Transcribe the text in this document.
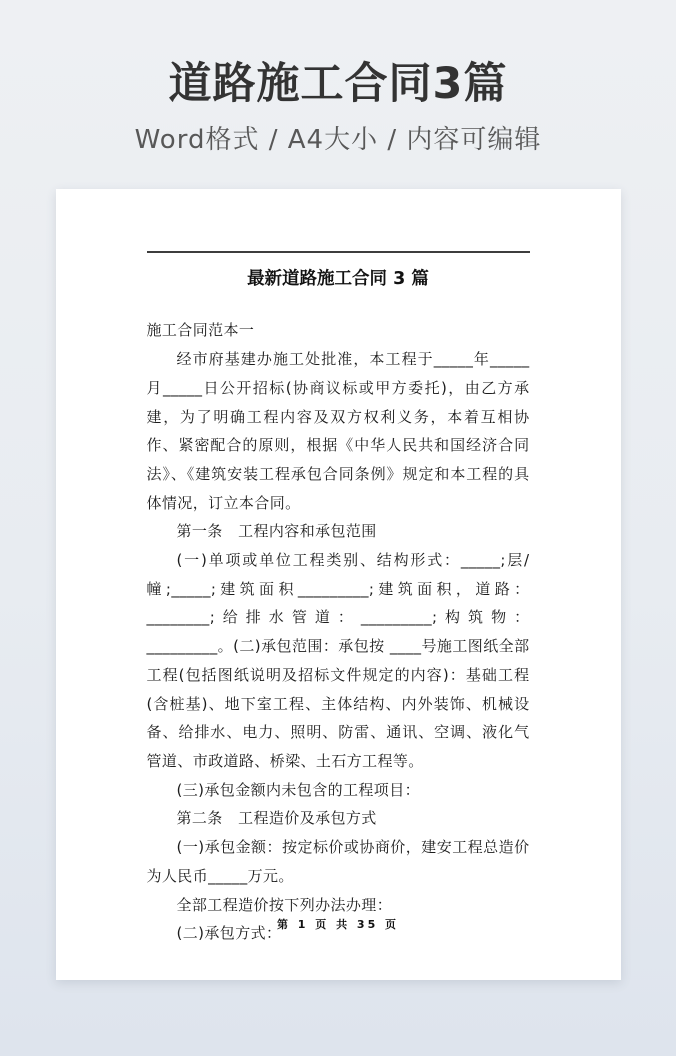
道路施工合同3篇
Word格式 / A4大小 / 内容可编辑
最新道路施工合同 3 篇

施工合同范本一

经市府基建办施工处批准，本工程于_____年_____月_____日公开招标(协商议标或甲方委托)，由乙方承建，为了明确工程内容及双方权利义务，本着互相协作、紧密配合的原则，根据《中华人民共和国经济合同法》、《建筑安装工程承包合同条例》规定和本工程的具体情况，订立本合同。

第一条　工程内容和承包范围

(一)单项或单位工程类别、结构形式：_____;层/幢;_____;建筑面积_________;建筑面积，道路：________;给排水管道：_________;构筑物：_________。(二)承包范围：承包按 ____号施工图纸全部工程(包括图纸说明及招标文件规定的内容)：基础工程(含桩基)、地下室工程、主体结构、内外装饰、机械设备、给排水、电力、照明、防雷、通讯、空调、液化气管道、市政道路、桥梁、土石方工程等。

(三)承包金额内未包含的工程项目：

第二条　工程造价及承包方式

(一)承包金额：按定标价或协商价，建安工程总造价为人民币_____万元。

全部工程造价按下列办法办理：

(二)承包方式：

第 1 页 共 35 页
